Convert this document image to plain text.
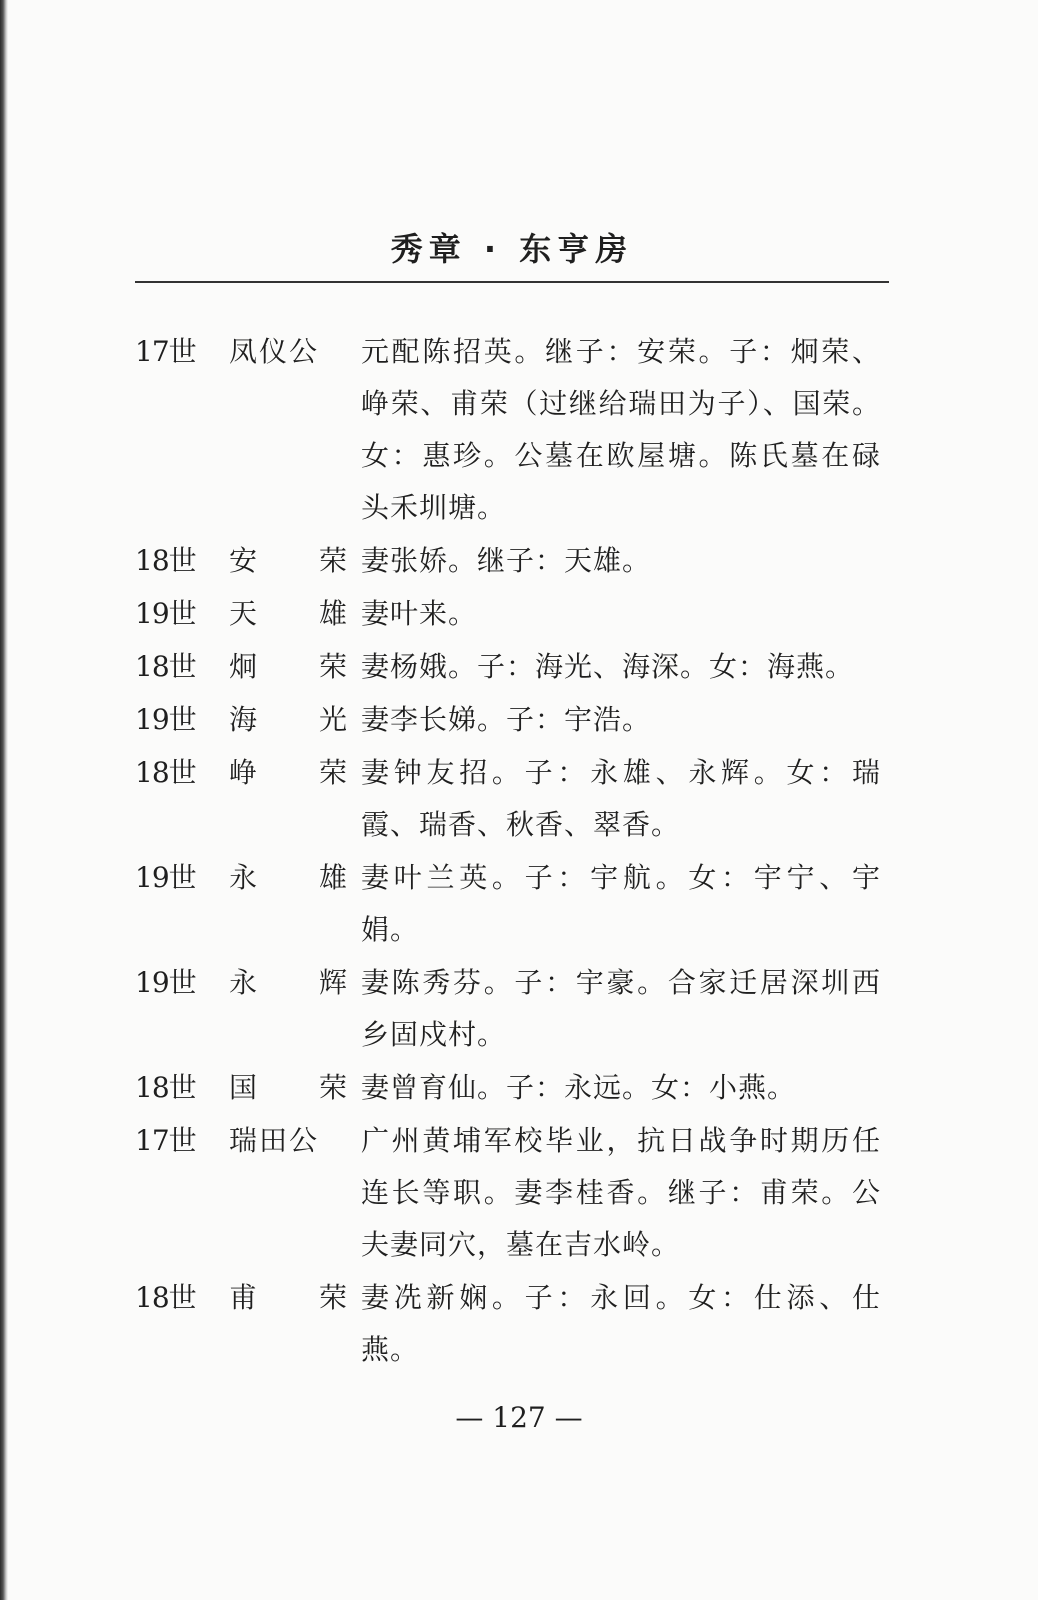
秀章 · 东亨房
17世	凤仪公 元配陈招英。继子：安荣。子：炯荣、峥荣、甫荣（过继给瑞田为子）、国荣。女：惠珍。公墓在欧屋塘。陈氏墓在碌头禾圳塘。
18世	安 荣 妻张娇。继子：天雄。
19世	天 雄 妻叶来。
18世	炯 荣 妻杨娥。子：海光、海深。女：海燕。
19世	海 光 妻李长娣。子：宇浩。
18世	峥 荣 妻钟友招。子：永雄、永辉。女：瑞霞、瑞香、秋香、翠香。
19世	永 雄 妻叶兰英。子：宇航。女：宇宁、宇娟。
19世	永 辉 妻陈秀芬。子：宇豪。合家迁居深圳西乡固戍村。
18世	国 荣 妻曾育仙。子：永远。女：小燕。
17世	瑞田公 广州黄埔军校毕业，抗日战争时期历任连长等职。妻李桂香。继子：甫荣。公夫妻同穴，墓在吉水岭。
18世	甫 荣 妻冼新娴。子：永回。女：仕添、仕燕。
— 127 —
